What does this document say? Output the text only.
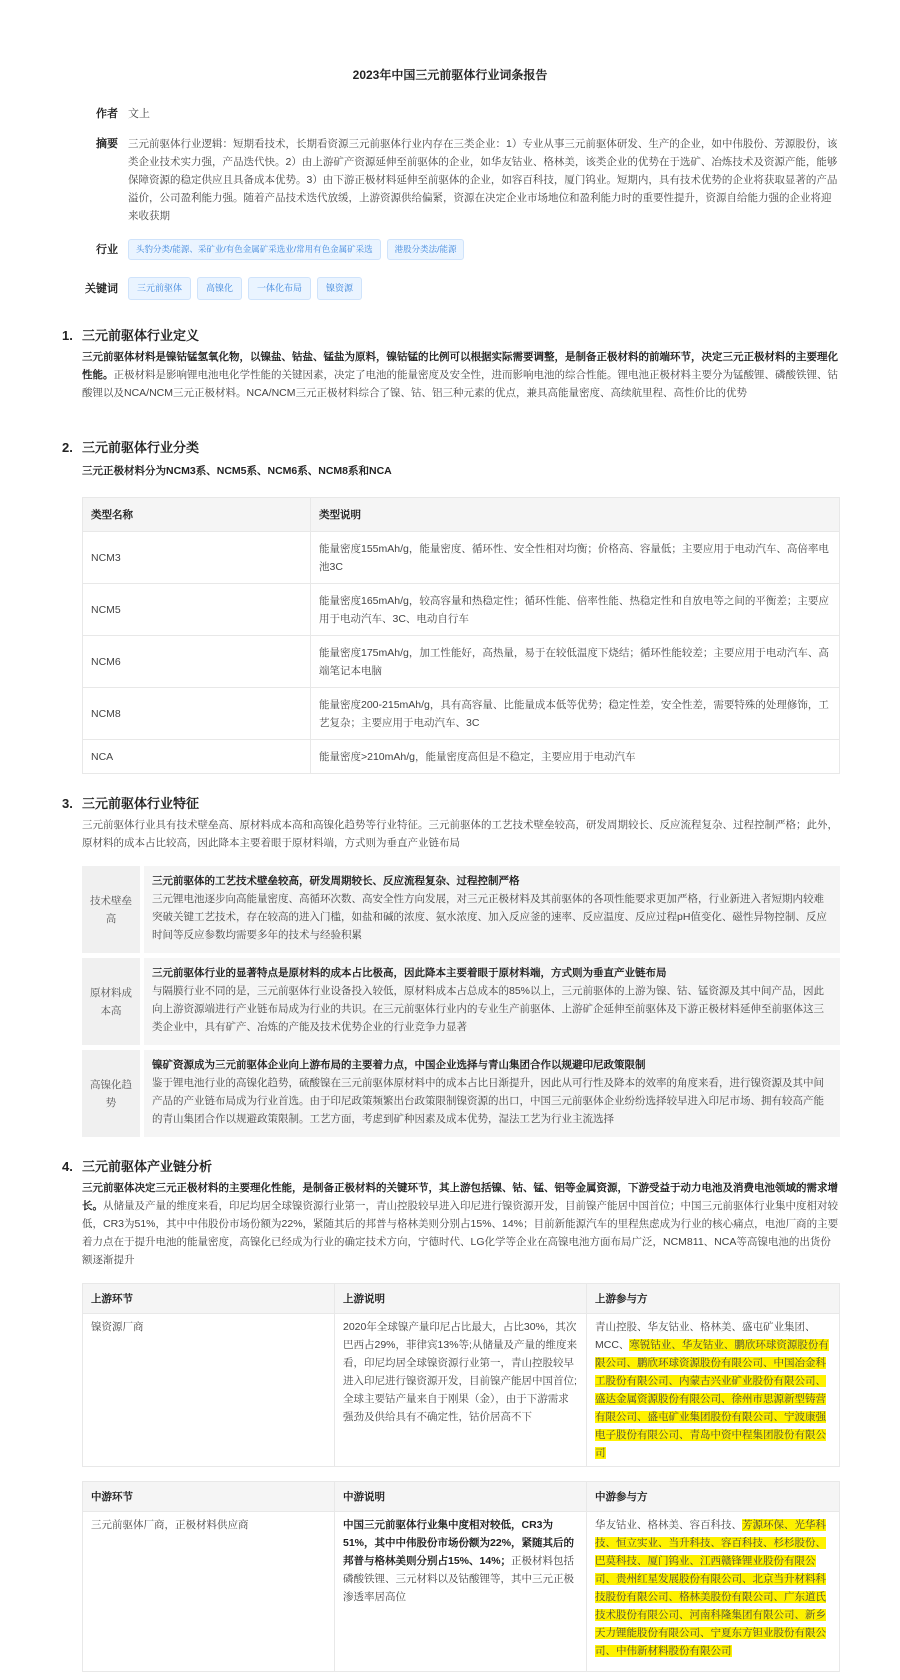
2023年中国三元前驱体行业词条报告
作者 文上
摘要 三元前驱体行业逻辑：短期看技术，长期看资源三元前驱体行业内存在三类企业：1）专业从事三元前驱体研发、生产的企业，如中伟股份、芳源股份，该类企业技术实力强，产品迭代快。2）由上游矿产资源延伸至前驱体的企业，如华友钴业、格林美，该类企业的优势在于选矿、冶炼技术及资源产能，能够保障资源的稳定供应且具备成本优势。3）由下游正极材料延伸至前驱体的企业，如容百科技，厦门钨业。短期内，具有技术优势的企业将获取显著的产品溢价，公司盈利能力强。随着产品技术迭代放缓，上游资源供给偏紧，资源在决定企业市场地位和盈利能力时的重要性提升，资源自给能力强的企业将迎来收获期
行业	头豹分类/能源、采矿业/有色金属矿采选业/常用有色金属矿采选	港股分类法/能源
关键词	三元前驱体	高镍化	一体化布局	镍资源
1. 三元前驱体行业定义
三元前驱体材料是镍钴锰氢氧化物，以镍盐、钴盐、锰盐为原料，镍钴锰的比例可以根据实际需要调整，是制备正极材料的前端环节，决定三元正极材料的主要理化性能。正极材料是影响锂电池电化学性能的关键因素，决定了电池的能量密度及安全性，进而影响电池的综合性能。锂电池正极材料主要分为锰酸锂、磷酸铁锂、钴酸锂以及NCA/NCM三元正极材料。NCA/NCM三元正极材料综合了镍、钴、铝三种元素的优点，兼具高能量密度、高续航里程、高性价比的优势
2. 三元前驱体行业分类
三元正极材料分为NCM3系、NCM5系、NCM6系、NCM8系和NCA
类型名称	类型说明
NCM3	能量密度155mAh/g，能量密度、循环性、安全性相对均衡；价格高、容量低；主要应用于电动汽车、高倍率电池3C
NCM5	能量密度165mAh/g，较高容量和热稳定性；循环性能、倍率性能、热稳定性和自放电等之间的平衡差；主要应用于电动汽车、3C、电动自行车
NCM6	能量密度175mAh/g，加工性能好，高热量，易于在较低温度下烧结；循环性能较差；主要应用于电动汽车、高端笔记本电脑
NCM8	能量密度200-215mAh/g，具有高容量、比能量成本低等优势；稳定性差，安全性差，需要特殊的处理修饰，工艺复杂；主要应用于电动汽车、3C
NCA	能量密度>210mAh/g，能量密度高但是不稳定，主要应用于电动汽车
3. 三元前驱体行业特征
三元前驱体行业具有技术壁垒高、原材料成本高和高镍化趋势等行业特征。三元前驱体的工艺技术壁垒较高，研发周期较长、反应流程复杂、过程控制严格；此外，原材料的成本占比较高，因此降本主要着眼于原材料端，方式则为垂直产业链布局
技术壁垒高
三元前驱体的工艺技术壁垒较高，研发周期较长、反应流程复杂、过程控制严格
三元锂电池逐步向高能量密度、高循环次数、高安全性方向发展，对三元正极材料及其前驱体的各项性能要求更加严格，行业新进入者短期内较难突破关键工艺技术，存在较高的进入门槛，如盐和碱的浓度、氨水浓度、加入反应釜的速率、反应温度、反应过程pH值变化、磁性异物控制、反应时间等反应参数均需要多年的技术与经验积累
原材料成本高
三元前驱体行业的显著特点是原材料的成本占比极高，因此降本主要着眼于原材料端，方式则为垂直产业链布局
与隔膜行业不同的是，三元前驱体行业设备投入较低，原材料成本占总成本的85%以上，三元前驱体的上游为镍、钴、锰资源及其中间产品，因此向上游资源端进行产业链布局成为行业的共识。在三元前驱体行业内的专业生产前驱体、上游矿企延伸至前驱体及下游正极材料延伸至前驱体这三类企业中，具有矿产、冶炼的产能及技术优势企业的行业竞争力显著
高镍化趋势
镍矿资源成为三元前驱体企业向上游布局的主要着力点，中国企业选择与青山集团合作以规避印尼政策限制
鉴于锂电池行业的高镍化趋势，硫酸镍在三元前驱体原材料中的成本占比日渐提升，因此从可行性及降本的效率的角度来看，进行镍资源及其中间产品的产业链布局成为行业首选。由于印尼政策频繁出台政策限制镍资源的出口，中国三元前驱体企业纷纷选择较早进入印尼市场、拥有较高产能的青山集团合作以规避政策限制。工艺方面，考虑到矿种因素及成本优势，湿法工艺为行业主流选择
4. 三元前驱体产业链分析
三元前驱体决定三元正极材料的主要理化性能，是制备正极材料的关键环节，其上游包括镍、钴、锰、铝等金属资源，下游受益于动力电池及消费电池领域的需求增长。从储量及产量的维度来看，印尼均居全球镍资源行业第一，青山控股较早进入印尼进行镍资源开发，目前镍产能居中国首位；中国三元前驱体行业集中度相对较低，CR3为51%，其中中伟股份市场份额为22%，紧随其后的邦普与格林美则分别占15%、14%；目前新能源汽车的里程焦虑成为行业的核心痛点，电池厂商的主要着力点在于提升电池的能量密度，高镍化已经成为行业的确定技术方向，宁德时代、LG化学等企业在高镍电池方面布局广泛，NCM811、NCA等高镍电池的出货份额逐渐提升
上游环节	上游说明	上游参与方
镍资源厂商	2020年全球镍产量印尼占比最大，占比30%，其次巴西占29%，菲律宾13%等;从储量及产量的维度来看，印尼均居全球镍资源行业第一，青山控股较早进入印尼进行镍资源开发，目前镍产能居中国首位;全球主要钴产量来自于刚果（金），由于下游需求强劲及供给具有不确定性，钴价居高不下	青山控股、华友钴业、格林美、盛屯矿业集团、MCC、寒锐钴业、华友钴业、鹏欣环球资源股份有限公司、鹏欣环球资源股份有限公司、中国冶金科工股份有限公司、内蒙古兴业矿业股份有限公司、盛达金属资源股份有限公司、徐州市思源新型铸营有限公司、盛屯矿业集团股份有限公司、宁波康强电子股份有限公司、青岛中资中程集团股份有限公司
中游环节	中游说明	中游参与方
三元前驱体厂商，正极材料供应商	中国三元前驱体行业集中度相对较低，CR3为51%，其中中伟股份市场份额为22%，紧随其后的邦普与格林美则分别占15%、14%；正极材料包括 磷酸铁锂、三元材料以及钴酸锂等，其中三元正极渗透率居高位	华友钴业、格林美、容百科技、芳源环保、光华科技、恒立实业、当升科技、容百科技、杉杉股份、巴莫科技、厦门钨业、江西赣锋锂业股份有限公司、贵州红星发展股份有限公司、北京当升材料科技股份有限公司、格林美股份有限公司、广东道氏技术股份有限公司、河南科隆集团有限公司、新乡天力锂能股份有限公司、宁夏东方钽业股份有限公司、中伟新材料股份有限公司
